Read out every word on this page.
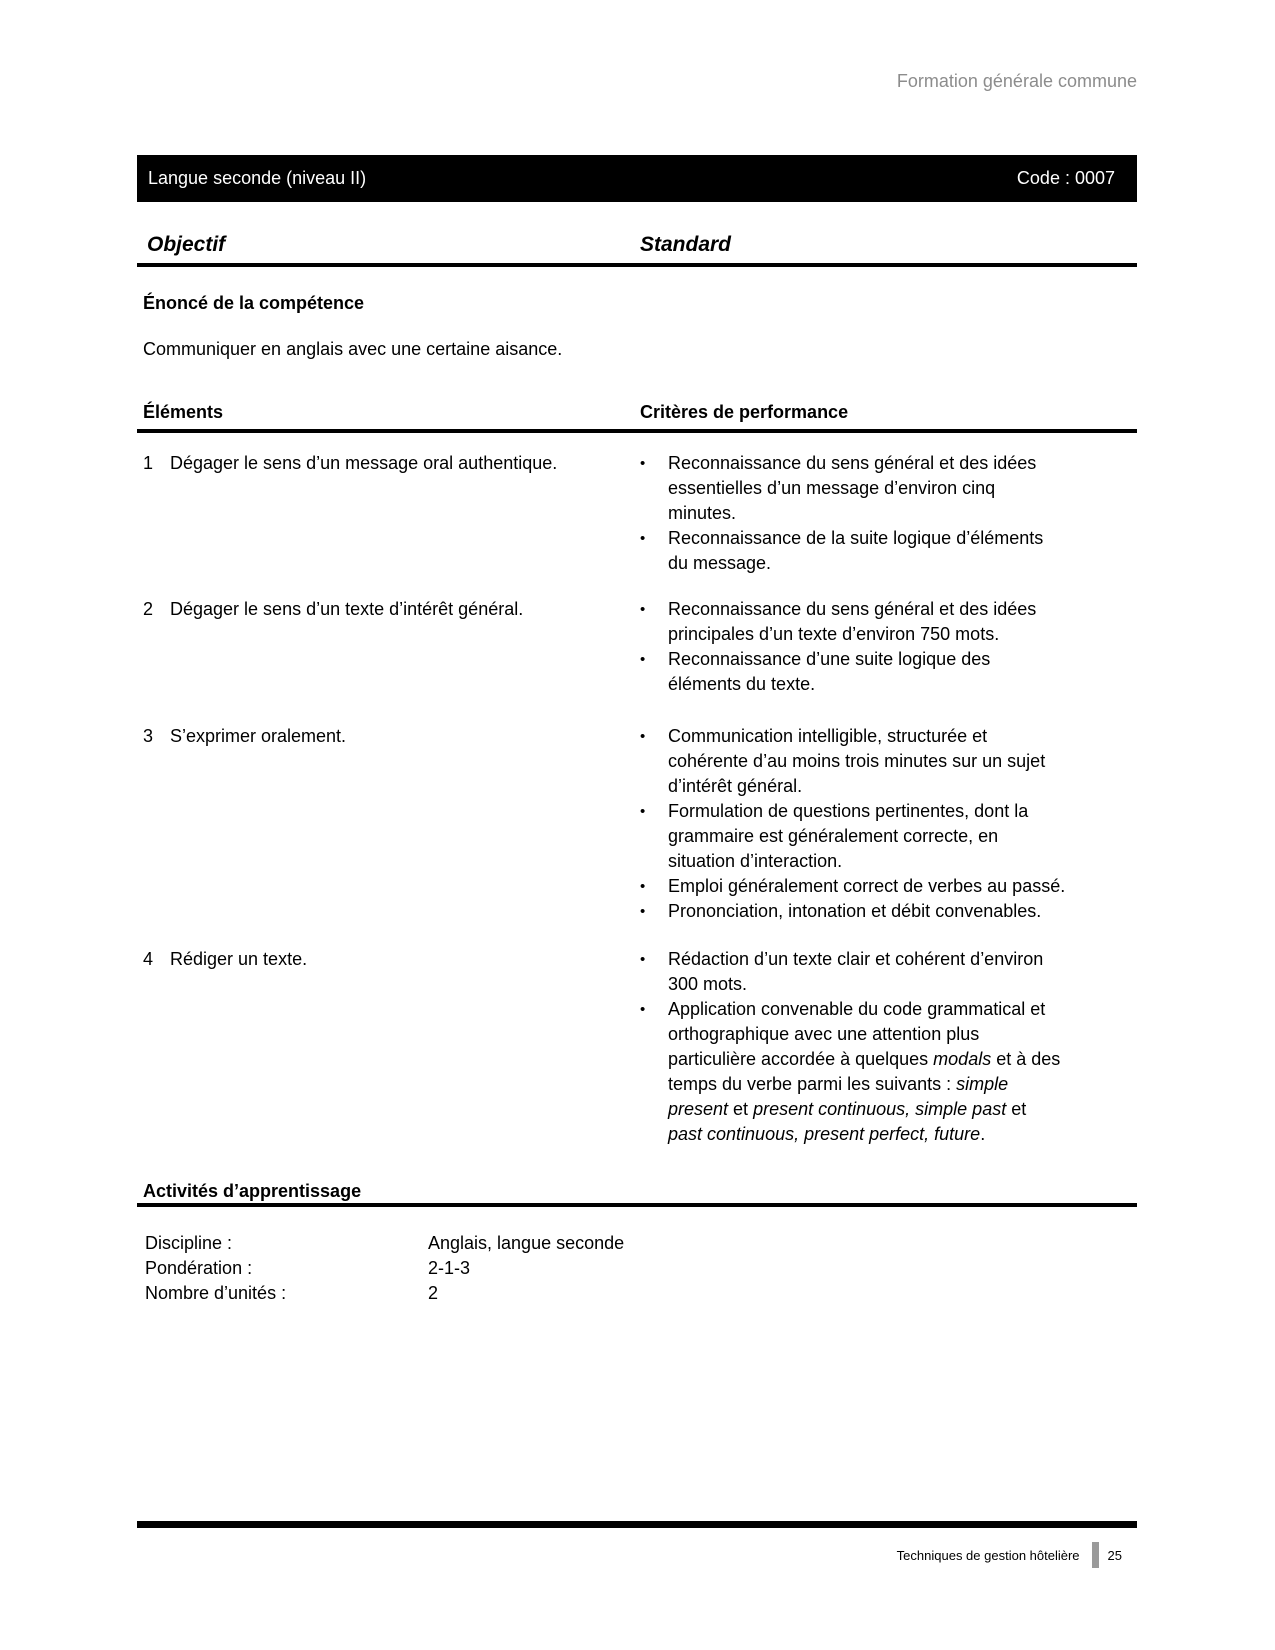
Formation générale commune
Langue seconde (niveau II)	Code : 0007
Objectif	Standard
Énoncé de la compétence
Communiquer en anglais avec une certaine aisance.
Éléments	Critères de performance
1 Dégager le sens d’un message oral authentique.	•	Reconnaissance du sens général et des idées
essentielles d’un message d’environ cinq
minutes.
•	Reconnaissance de la suite logique d’éléments
du message.
2 Dégager le sens d’un texte d’intérêt général.	•	Reconnaissance du sens général et des idées
principales d’un texte d’environ 750 mots.
•	Reconnaissance d’une suite logique des
éléments du texte.
3 S’exprimer oralement.	•	Communication intelligible, structurée et
cohérente d’au moins trois minutes sur un sujet
d’intérêt général.
•	Formulation de questions pertinentes, dont la
grammaire est généralement correcte, en
situation d’interaction.
•	Emploi généralement correct de verbes au passé.
•	Prononciation, intonation et débit convenables.
4 Rédiger un texte.	•	Rédaction d’un texte clair et cohérent d’environ
300 mots.
•	Application convenable du code grammatical et
orthographique avec une attention plus
particulière accordée à quelques modals et à des
temps du verbe parmi les suivants : simple
present et present continuous, simple past et
past continuous, present perfect, future.
Activités d’apprentissage
Discipline :	Anglais, langue seconde
Pondération :	2-1-3
Nombre d’unités :	2
Techniques de gestion hôtelière 25
